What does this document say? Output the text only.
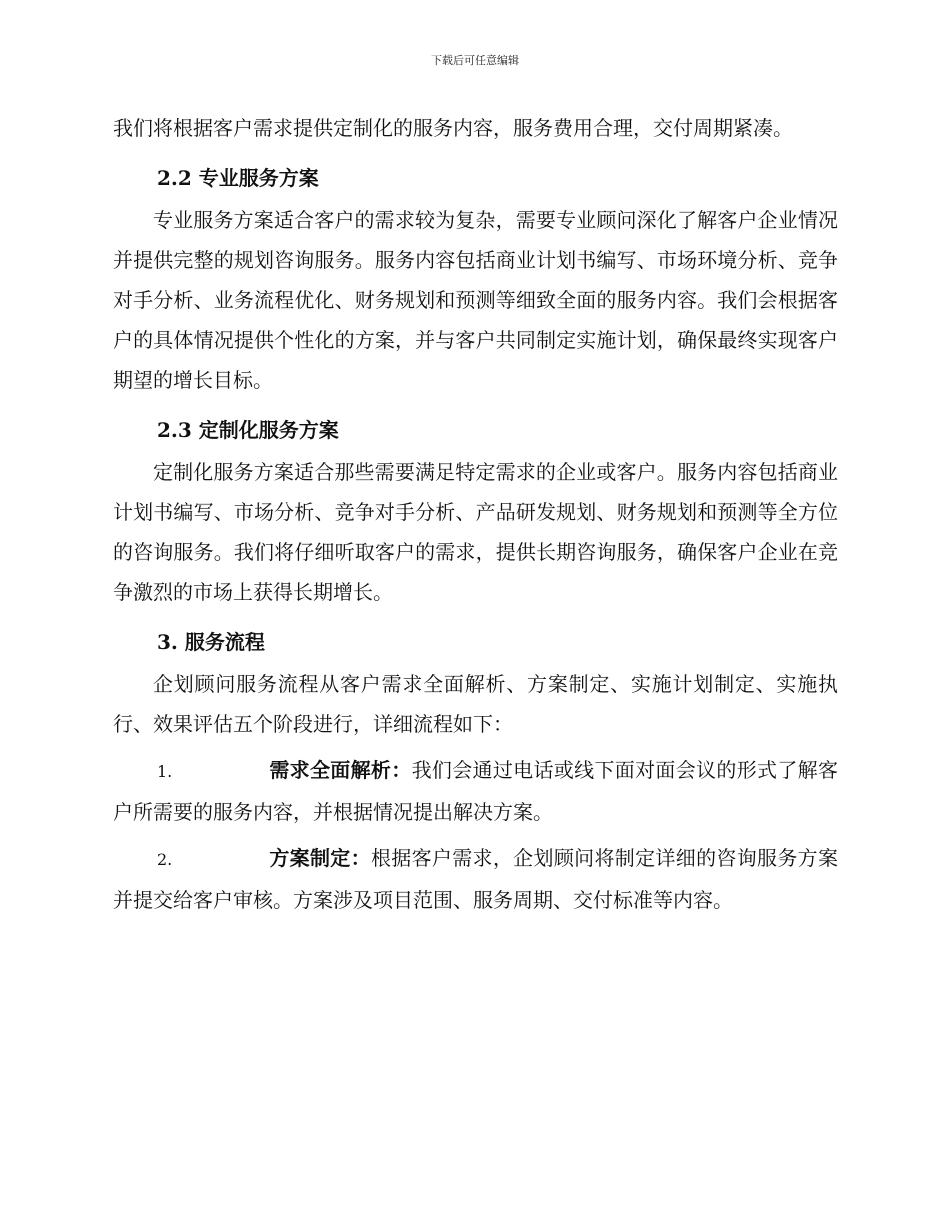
下载后可任意编辑

我们将根据客户需求提供定制化的服务内容，服务费用合理，交付周期紧凑。

2.2 专业服务方案

专业服务方案适合客户的需求较为复杂，需要专业顾问深化了解客户企业情况并提供完整的规划咨询服务。服务内容包括商业计划书编写、市场环境分析、竞争对手分析、业务流程优化、财务规划和预测等细致全面的服务内容。我们会根据客户的具体情况提供个性化的方案，并与客户共同制定实施计划，确保最终实现客户期望的增长目标。

2.3 定制化服务方案

定制化服务方案适合那些需要满足特定需求的企业或客户。服务内容包括商业计划书编写、市场分析、竞争对手分析、产品研发规划、财务规划和预测等全方位的咨询服务。我们将仔细听取客户的需求，提供长期咨询服务，确保客户企业在竞争激烈的市场上获得长期增长。

3. 服务流程

企划顾问服务流程从客户需求全面解析、方案制定、实施计划制定、实施执行、效果评估五个阶段进行，详细流程如下：

1.	需求全面解析：我们会通过电话或线下面对面会议的形式了解客户所需要的服务内容，并根据情况提出解决方案。

2.	方案制定：根据客户需求，企划顾问将制定详细的咨询服务方案并提交给客户审核。方案涉及项目范围、服务周期、交付标准等内容。
